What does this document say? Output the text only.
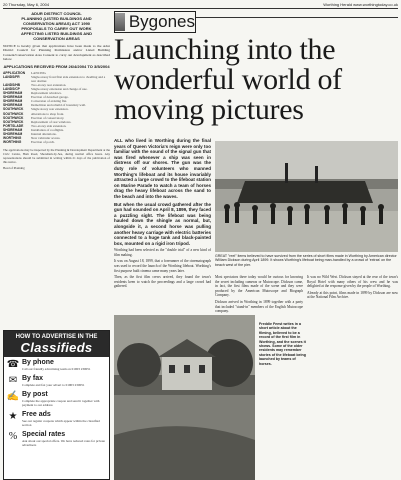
20 Thursday, May 6, 2004	Worthing Herald www.worthingtoday.co.uk
ADUR DISTRICT COUNCIL
PLANNING (LISTED BUILDINGS AND
CONSERVATION AREAS) ACT 1990
PROPOSALS TO CARRY OUT WORK
AFFECTING LISTED BUILDINGS AND
CONSERVATION AREAS
NOTICE is hereby given that applications have been made to the Adur District Council for Planning Permission and/or Listed Building Consent/Conservation Area Consent to carry out development as described below.
APPLICATIONS RECEIVED FROM 26/4/2004 TO 3/5/2004
APPLICATION	LANCING
LANDS/FR	Single-storey front/first side extension to dwelling and a rear dormer.
LANDS/HB	Two-storey rear extension.
LANDS/CP	Single-storey extension and change of use.
SHOREHAM	Replacement windows.
SHOREHAM	Erection of detached garage.
SHOREHAM	Conversion of existing flat.
SHOREHAM	Demolition and rebuild of boundary wall.
SOUTHWICK	Single storey rear extension.
SOUTHWICK	Alterations to shop front.
SOUTHWICK	Erection of conservatory.
SOUTHWICK	Replacement of rear windows.
PORTSLADE	Two-storey side extension.
SHOREHAM	Installation of rooflights.
SHOREHAM	Internal alterations.
WORTHING	New vehicular access.
WORTHING	Erection of porch.
The applications may be inspected by the Planning & Development Department at the Civic Centre, Ham Road, Shoreham-by-Sea, during normal office hours. Any representations should be submitted in writing within 21 days of the publication of this notice.
Head of Planning
HOW TO ADVERTISE IN THE
Classifieds
☎ By phone
Call our friendly advertising team on 01903 230051
✉ By fax
Complete and fax your advert to 01903 230051
✍ By post
Complete the appropriate coupon and send it together with payment to our address
★ Free ads
See our regular coupons which appear within the classified section
% Special rates
Ask about our special offers. We have reduced rates for private advertisers
Bygones
Launching into the wonderful world of moving pictures
ALL who lived in Worthing during the final years of Queen Victoria's reign were only too familiar with the sound of the signal gun that was fired whenever a ship was seen in distress off our shores. The gun was the duty role of volunteers who manned Worthing's lifeboat and its house invariably attracted a large crowd to the lifeboat station on Marine Parade to watch a team of horses drag the heavy lifeboat across the sand to the beach and into the waves.
But when the usual crowd gathered after the gun had sounded on April 8, 1899, they faced a puzzling sight. The lifeboat was being hauled down the shingle as normal, but, alongside it, a second horse was pulling another heavy carriage with electric batteries connected to a huge tank and black-painted box, mounted on a rigid iron tripod.

Worthing had been selected as the "double trial" of a new kind of film making.

It was on August 18, 1899, that a forerunner of the cinematograph was used to record the launch of the Worthing lifeboat. Worthing's first purpose built cinema came many years later.

Then, as the first film crews arrived, they found the town's residents keen to watch the proceedings and a large crowd had gathered.

GREAT "reel" items believed to have survived from the series of short films made in Worthing by American director William Dickson during April 1899. It shows Worthing's lifeboat being man-handled by a crowd of 'extras' on the beach west of the pier.

Most spectators there today would be curious for knowing the secret including cameras or Mutoscope. Dickson came, in fact, the first films made of the scene and they were produced by the American Mutoscope and Biograph Company.

Dickson arrived in Worthing in 1899 together with a party that included "stand-in" members of the English Mutoscope company.

It was no Wild West. Dickson stayed at the rear of the town's Royal Hotel with many others of his crew and he was delighted at the response given by the people of Worthing.

Already at this point, films made in 1899 by Dickson are now at the National Film Archive.

Freddie Feest writes in a short article about the filming, believed to be a record of the first film in Worthing, and the scenes it shows. Some of the older residents may remember stories of the lifeboat being launched by teams of horses.
